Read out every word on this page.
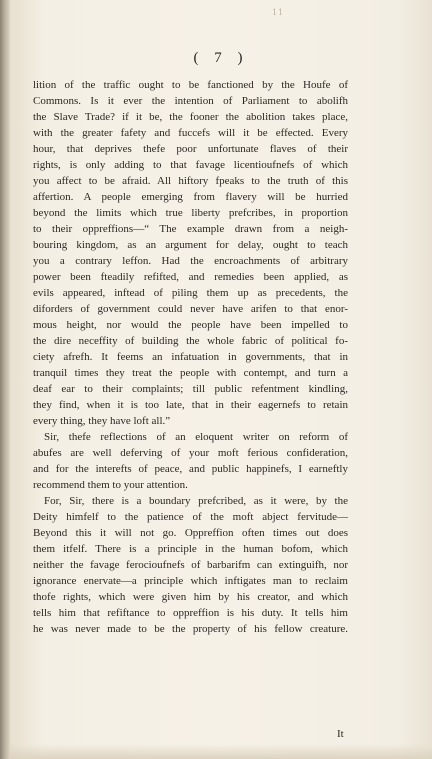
11
( 7 )
lition of the traffic ought to be fanctioned by the Houfe of
Commons. Is it ever the intention of Parliament to abolifh
the Slave Trade? if it be, the fooner the abolition takes place,
with the greater fafety and fuccefs will it be effected. Every
hour, that deprives thefe poor unfortunate flaves of their
rights, is only adding to that favage licentioufnefs of which
you affect to be afraid. All hiftory fpeaks to the truth of this
affertion. A people emerging from flavery will be hurried
beyond the limits which true liberty prefcribes, in proportion
to their oppreffions—“ The example drawn from a neigh-
bouring kingdom, as an argument for delay, ought to teach
you a contrary leffon. Had the encroachments of arbitrary
power been fteadily refifted, and remedies been applied, as
evils appeared, inftead of piling them up as precedents, the
diforders of government could never have arifen to that enor-
mous height, nor would the people have been impelled to
the dire neceffity of building the whole fabric of political fo-
ciety afrefh. It feems an infatuation in governments, that in
tranquil times they treat the people with contempt, and turn a
deaf ear to their complaints; till public refentment kindling,
they find, when it is too late, that in their eagernefs to retain
every thing, they have loft all.”
Sir, thefe reflections of an eloquent writer on reform of
abufes are well deferving of your moft ferious confideration,
and for the interefts of peace, and public happinefs, I earneftly
recommend them to your attention.
For, Sir, there is a boundary prefcribed, as it were, by the
Deity himfelf to the patience of the moft abject fervitude—
Beyond this it will not go. Oppreffion often times out does
them itfelf. There is a principle in the human bofom, which
neither the favage ferocioufnefs of barbarifm can extinguifh, nor
ignorance enervate—a principle which inftigates man to reclaim
thofe rights, which were given him by his creator, and which
tells him that refiftance to oppreffion is his duty. It tells him
he was never made to be the property of his fellow creature.
It
